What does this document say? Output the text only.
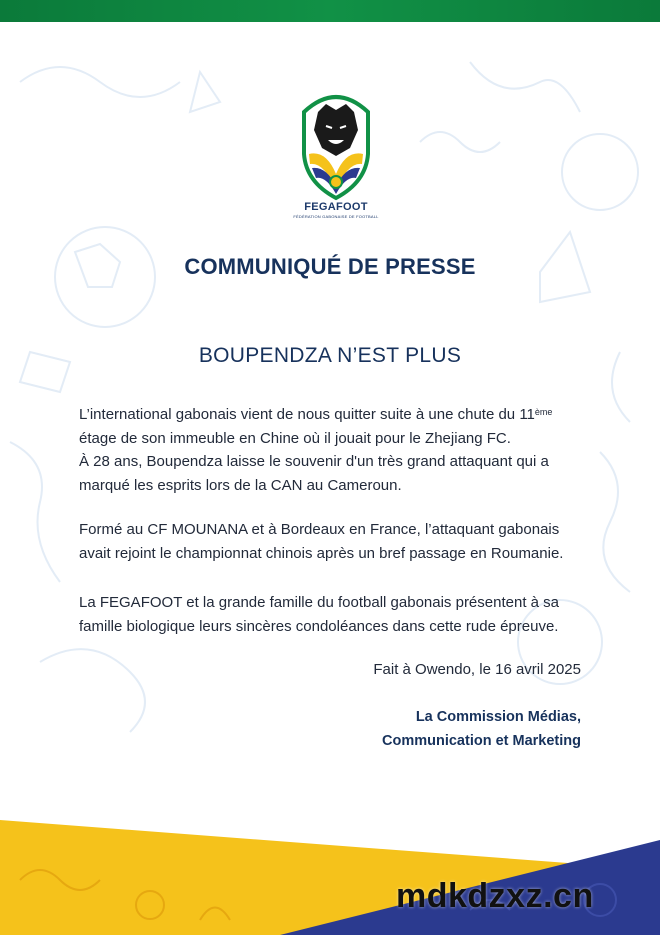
FEGAFOOT
FÉDÉRATION GABONAISE DE FOOTBALL
COMMUNIQUÉ DE PRESSE
BOUPENDZA N’EST PLUS
L’international gabonais vient de nous quitter suite à une chute du 11ème
étage de son immeuble en Chine où il jouait pour le Zhejiang FC.
À 28 ans, Boupendza laisse le souvenir d'un très grand attaquant qui a
marqué les esprits lors de la CAN au Cameroun.
Formé au CF MOUNANA et à Bordeaux en France, l’attaquant gabonais
avait rejoint le championnat chinois après un bref passage en Roumanie.
La FEGAFOOT et la grande famille du football gabonais présentent à sa
famille biologique leurs sincères condoléances dans cette rude épreuve.
Fait à Owendo, le 16 avril 2025
La Commission Médias,
Communication et Marketing
mdkdzxz.cn
